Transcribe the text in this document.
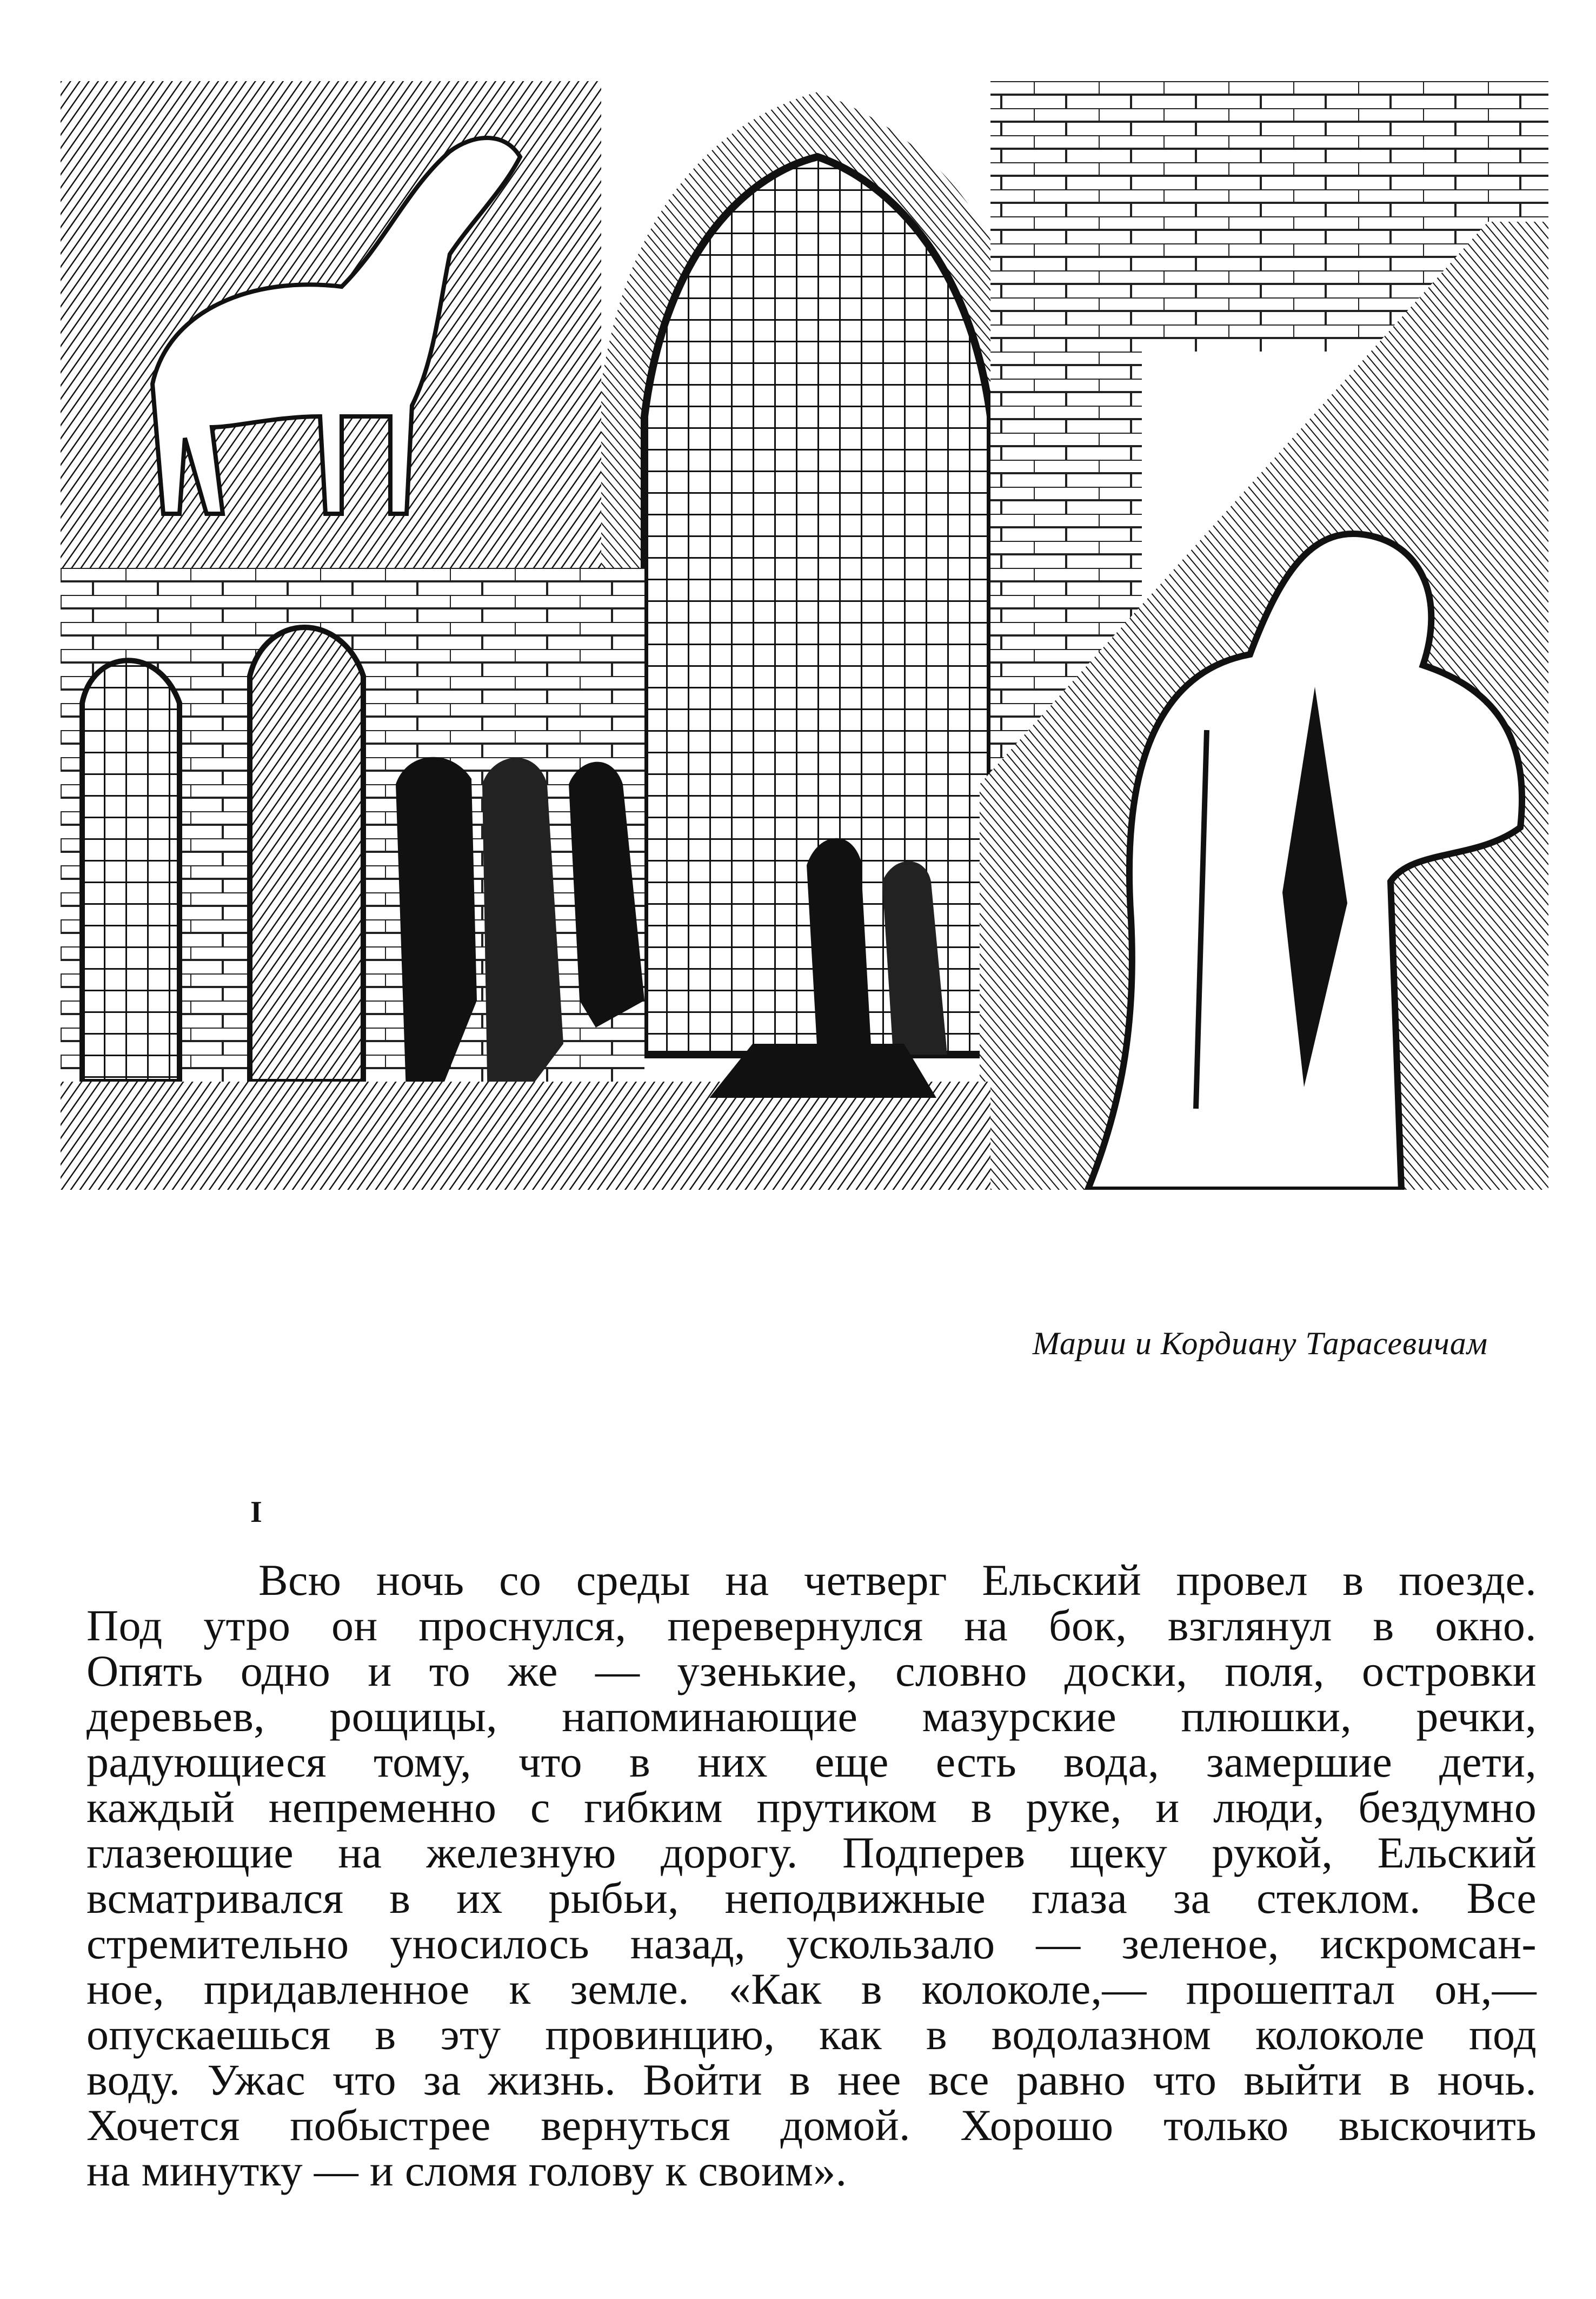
Марии и Кордиану Тарасевичам
I
Всю ночь со среды на четверг Ельский провел в поезде.
Под утро он проснулся, перевернулся на бок, взглянул в окно.
Опять одно и то же — узенькие, словно доски, поля, островки
деревьев, рощицы, напоминающие мазурские плюшки, речки,
радующиеся тому, что в них еще есть вода, замершие дети,
каждый непременно с гибким прутиком в руке, и люди, бездумно
глазеющие на железную дорогу. Подперев щеку рукой, Ельский
всматривался в их рыбьи, неподвижные глаза за стеклом. Все
стремительно уносилось назад, ускользало — зеленое, искромсан-
ное, придавленное к земле. «Как в колоколе,— прошептал он,—
опускаешься в эту провинцию, как в водолазном колоколе под
воду. Ужас что за жизнь. Войти в нее все равно что выйти в ночь.
Хочется побыстрее вернуться домой. Хорошо только выскочить
на минутку — и сломя голову к своим».
